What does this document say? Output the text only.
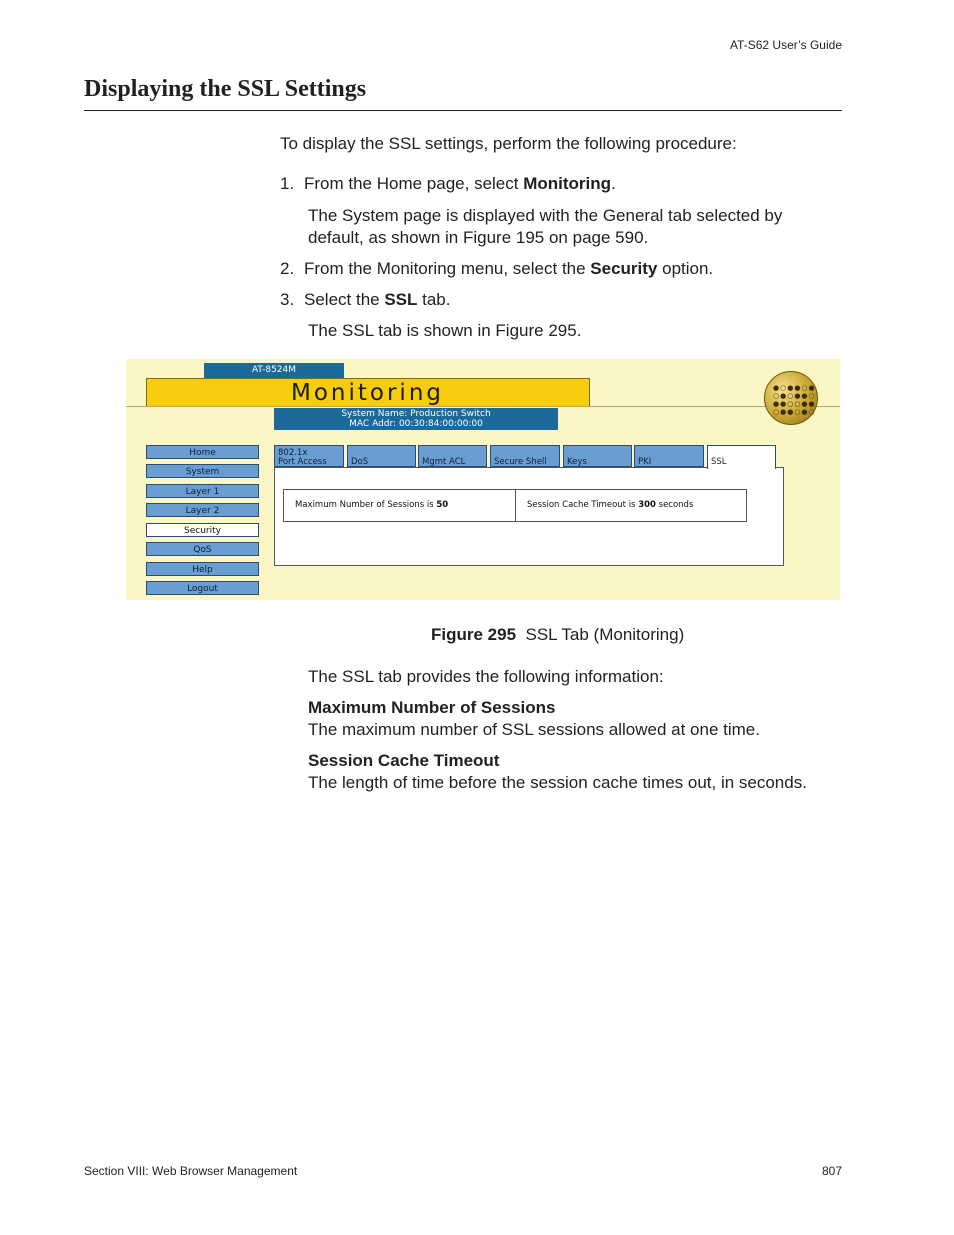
AT-S62 User’s Guide
Displaying the SSL Settings
To display the SSL settings, perform the following procedure:
1. From the Home page, select Monitoring.
The System page is displayed with the General tab selected by
default, as shown in Figure 195 on page 590.
2. From the Monitoring menu, select the Security option.
3. Select the SSL tab.
The SSL tab is shown in Figure 295.
AT-8524M
Monitoring
System Name: Production Switch
MAC Addr: 00:30:84:00:00:00
●○●●○●
○●○●●○
●●○○●●
○●●○●○
Home
System
Layer 1
Layer 2
Security
QoS
Help
Logout
802.1x
Port Access	DoS	Mgmt ACL	Secure Shell	Keys	PKI	SSL
Maximum Number of Sessions is 50	Session Cache Timeout is 300 seconds
Figure 295 SSL Tab (Monitoring)
The SSL tab provides the following information:
Maximum Number of Sessions
The maximum number of SSL sessions allowed at one time.
Session Cache Timeout
The length of time before the session cache times out, in seconds.
Section VIII: Web Browser Management	807
